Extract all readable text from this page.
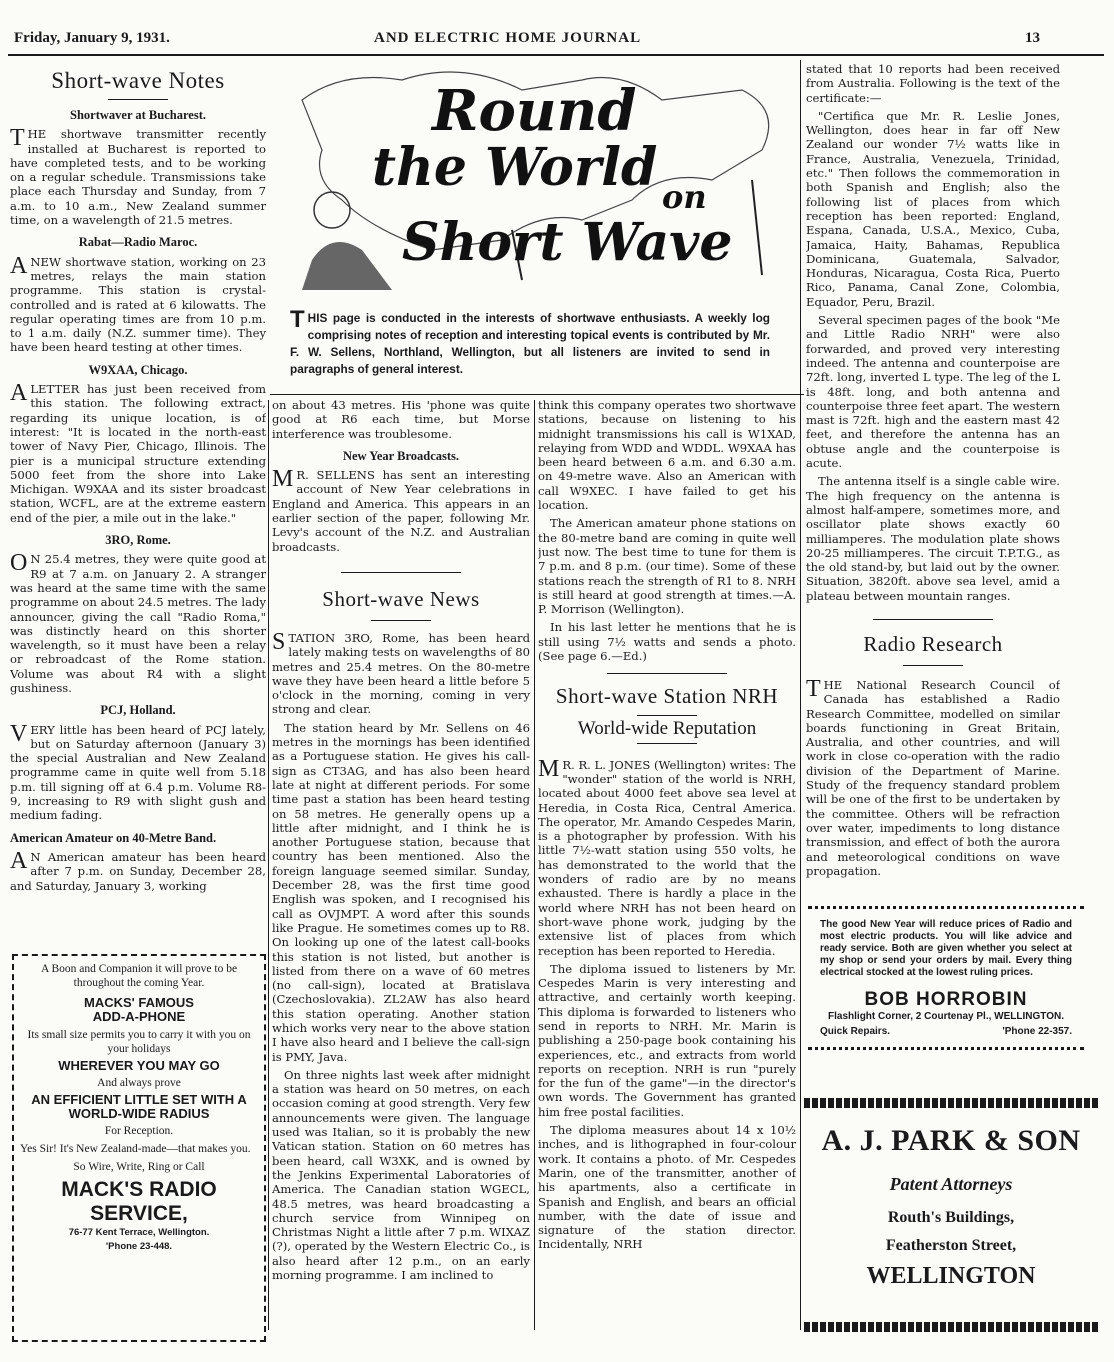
Friday, January 9, 1931.	AND ELECTRIC HOME JOURNAL	13
Short-wave Notes
Shortwaver at Bucharest.

THE shortwave transmitter recently installed at Bucharest is reported to have completed tests, and to be working on a regular schedule. Transmissions take place each Thursday and Sunday, from 7 a.m. to 10 a.m., New Zealand summer time, on a wavelength of 21.5 metres.

Rabat—Radio Maroc.

ANEW shortwave station, working on 23 metres, relays the main station programme. This station is crystal-controlled and is rated at 6 kilowatts. The regular operating times are from 10 p.m. to 1 a.m. daily (N.Z. summer time). They have been heard testing at other times.

W9XAA, Chicago.

ALETTER has just been received from this station. The following extract, regarding its unique location, is of interest: "It is located in the north-east tower of Navy Pier, Chicago, Illinois. The pier is a municipal structure extending 5000 feet from the shore into Lake Michigan. W9XAA and its sister broadcast station, WCFL, are at the extreme eastern end of the pier, a mile out in the lake."

3RO, Rome.

ON 25.4 metres, they were quite good at R9 at 7 a.m. on January 2. A stranger was heard at the same time with the same programme on about 24.5 metres. The lady announcer, giving the call "Radio Roma," was distinctly heard on this shorter wavelength, so it must have been a relay or rebroadcast of the Rome station. Volume was about R4 with a slight gushiness.

PCJ, Holland.

VERY little has been heard of PCJ lately, but on Saturday afternoon (January 3) the special Australian and New Zealand programme came in quite well from 5.18 p.m. till signing off at 6.4 p.m. Volume R8-9, increasing to R9 with slight gush and medium fading.

American Amateur on 40-Metre Band.

AN American amateur has been heard after 7 p.m. on Sunday, December 28, and Saturday, January 3, working

A Boon and Companion it will prove to be throughout the coming Year.
MACKS' FAMOUS
ADD-A-PHONE
Its small size permits you to carry it with you on your holidays
WHEREVER YOU MAY GO
And always prove
AN EFFICIENT LITTLE SET WITH A WORLD-WIDE RADIUS
For Reception.
Yes Sir! It's New Zealand-made—that makes you.
So Wire, Write, Ring or Call
MACK'S RADIO SERVICE,
76-77 Kent Terrace, Wellington.
'Phone 23-448.
Round
the World on
Short Wave
THIS page is conducted in the interests of shortwave enthusiasts. A weekly log comprising notes of reception and interesting topical events is contributed by Mr. F. W. Sellens, Northland, Wellington, but all listeners are invited to send in paragraphs of general interest.

on about 43 metres. His 'phone was quite good at R6 each time, but Morse interference was troublesome.

New Year Broadcasts.

MR. SELLENS has sent an interesting account of New Year celebrations in England and America. This appears in an earlier section of the paper, following Mr. Levy's account of the N.Z. and Australian broadcasts.

Short-wave News

STATION 3RO, Rome, has been heard lately making tests on wavelengths of 80 metres and 25.4 metres. On the 80-metre wave they have been heard a little before 5 o'clock in the morning, coming in very strong and clear.

The station heard by Mr. Sellens on 46 metres in the mornings has been identified as a Portuguese station. He gives his call-sign as CT3AG, and has also been heard late at night at different periods. For some time past a station has been heard testing on 58 metres. He generally opens up a little after midnight, and I think he is another Portuguese station, because that country has been mentioned. Also the foreign language seemed similar. Sunday, December 28, was the first time good English was spoken, and I recognised his call as OVJMPT. A word after this sounds like Prague. He sometimes comes up to R8. On looking up one of the latest call-books this station is not listed, but another is listed from there on a wave of 60 metres (no call-sign), located at Bratislava (Czechoslovakia). ZL2AW has also heard this station operating. Another station which works very near to the above station I have also heard and I believe the call-sign is PMY, Java.

On three nights last week after midnight a station was heard on 50 metres, on each occasion coming at good strength. Very few announcements were given. The language used was Italian, so it is probably the new Vatican station. Station on 60 metres has been heard, call W3XK, and is owned by the Jenkins Experimental Laboratories of America. The Canadian station WGECL, 48.5 metres, was heard broadcasting a church service from Winnipeg on Christmas Night a little after 7 p.m. WIXAZ (?), operated by the Western Electric Co., is also heard after 12 p.m., on an early morning programme. I am inclined to

think this company operates two shortwave stations, because on listening to his midnight transmissions his call is W1XAD, relaying from WDD and WDDL. W9XAA has been heard between 6 a.m. and 6.30 a.m. on 49-metre wave. Also an American with call W9XEC. I have failed to get his location.

The American amateur phone stations on the 80-metre band are coming in quite well just now. The best time to tune for them is 7 p.m. and 8 p.m. (our time). Some of these stations reach the strength of R1 to 8. NRH is still heard at good strength at times.—A. P. Morrison (Wellington).

In his last letter he mentions that he is still using 7½ watts and sends a photo. (See page 6.—Ed.)

Short-wave Station NRH
World-wide Reputation

MR. R. L. JONES (Wellington) writes: The "wonder" station of the world is NRH, located about 4000 feet above sea level at Heredia, in Costa Rica, Central America. The operator, Mr. Amando Cespedes Marin, is a photographer by profession. With his little 7½-watt station using 550 volts, he has demonstrated to the world that the wonders of radio are by no means exhausted. There is hardly a place in the world where NRH has not been heard on short-wave phone work, judging by the extensive list of places from which reception has been reported to Heredia.

The diploma issued to listeners by Mr. Cespedes Marin is very interesting and attractive, and certainly worth keeping. This diploma is forwarded to listeners who send in reports to NRH. Mr. Marin is publishing a 250-page book containing his experiences, etc., and extracts from world reports on reception. NRH is run "purely for the fun of the game"—in the director's own words. The Government has granted him free postal facilities.

The diploma measures about 14 x 10½ inches, and is lithographed in four-colour work. It contains a photo. of Mr. Cespedes Marin, one of the transmitter, another of his apartments, also a certificate in Spanish and English, and bears an official number, with the date of issue and signature of the station director. Incidentally, NRH

stated that 10 reports had been received from Australia. Following is the text of the certificate:—

"Certifica que Mr. R. Leslie Jones, Wellington, does hear in far off New Zealand our wonder 7½ watts like in France, Australia, Venezuela, Trinidad, etc." Then follows the commemoration in both Spanish and English; also the following list of places from which reception has been reported: England, Espana, Canada, U.S.A., Mexico, Cuba, Jamaica, Haity, Bahamas, Republica Dominicana, Guatemala, Salvador, Honduras, Nicaragua, Costa Rica, Puerto Rico, Panama, Canal Zone, Colombia, Equador, Peru, Brazil.

Several specimen pages of the book "Me and Little Radio NRH" were also forwarded, and proved very interesting indeed. The antenna and counterpoise are 72ft. long, inverted L type. The leg of the L is 48ft. long, and both antenna and counterpoise three feet apart. The western mast is 72ft. high and the eastern mast 42 feet, and therefore the antenna has an obtuse angle and the counterpoise is acute.

The antenna itself is a single cable wire. The high frequency on the antenna is almost half-ampere, sometimes more, and oscillator plate shows exactly 60 milliamperes. The modulation plate shows 20-25 milliamperes. The circuit T.P.T.G., as the old stand-by, but laid out by the owner. Situation, 3820ft. above sea level, amid a plateau between mountain ranges.

Radio Research

THE National Research Council of Canada has established a Radio Research Committee, modelled on similar boards functioning in Great Britain, Australia, and other countries, and will work in close co-operation with the radio division of the Department of Marine. Study of the frequency standard problem will be one of the first to be undertaken by the committee. Others will be refraction over water, impediments to long distance transmission, and effect of both the aurora and meteorological conditions on wave propagation.

The good New Year will reduce prices of Radio and most electric products. You will like advice and ready service. Both are given whether you select at my shop or send your orders by mail. Every thing electrical stocked at the lowest ruling prices.
BOB HORROBIN
Flashlight Corner, 2 Courtenay Pl., WELLINGTON.
Quick Repairs.	'Phone 22-357.
A. J. PARK & SON
Patent Attorneys
Routh's Buildings,
Featherston Street,
WELLINGTON
